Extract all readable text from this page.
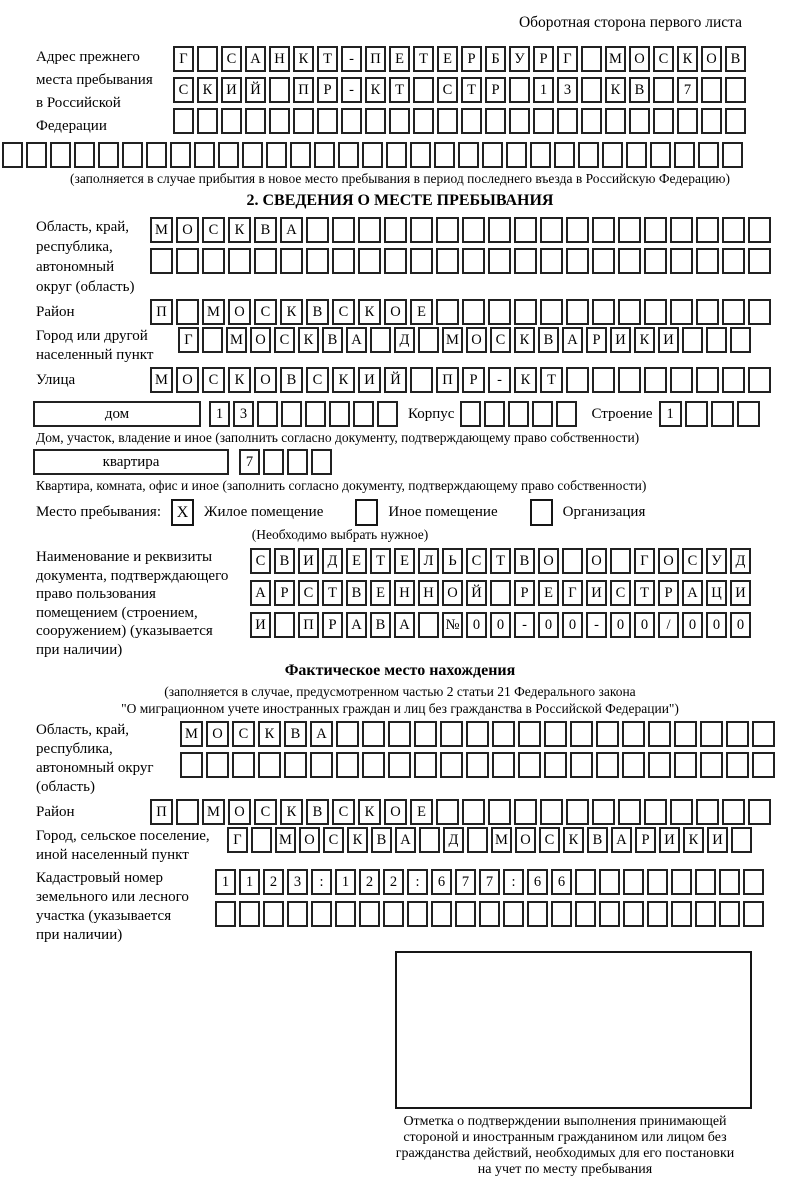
Оборотная сторона первого листа
Адрес прежнего
места пребывания
в Российской
Федерации
Г	С А Н К	Т	-	П Е	Т	Е	Р	Б	У	Р	Г	М О С К О В
С К И Й	П	Р	-	К	Т	С	Т	Р	1	3	К В	7
(заполняется в случае прибытия в новое место пребывания в период последнего въезда в Российскую Федерацию)
2. СВЕДЕНИЯ О МЕСТЕ ПРЕБЫВАНИЯ
Область, край,
республика,
автономный
округ (область)
М О	С	К	В	А
Район	П	М О	С	К	В	С	К	О	Е
Город или другой
населенный пункт
Г	М О С К В А	Д	М О С К В А	Р	И К И
Улица	М О	С	К	О	В	С	К	И	Й	П	Р	-	К	Т
дом	1	3	Корпус	Строение 1
Дом, участок, владение и иное (заполнить согласно документу, подтверждающему право собственности)
квартира	7
Квартира, комната, офис и иное (заполнить согласно документу, подтверждающему право собственности)
Место пребывания: X	Жилое помещение	Иное помещение	Организация
(Необходимо выбрать нужное)
Наименование и реквизиты
документа, подтверждающего
право пользования
помещением (строением,
сооружением) (указывается
при наличии)
С В И Д	Е	Т	Е	Л	Ь	С	Т	В О	О	Г	О С У Д
А	Р	С	Т	В	Е Н Н О Й	Р	Е	Г	И С	Т	Р	А Ц И
И	П	Р	А В А	№ 0	0	-	0	0	-	0	0	/	0	0	0
Фактическое место нахождения
(заполняется в случае, предусмотренном частью 2 статьи 21 Федерального закона
"О миграционном учете иностранных граждан и лиц без гражданства в Российской Федерации")
Область, край,
республика,
автономный округ
(область)
М О	С	К	В	А
Район	П	М О	С	К	В	С	К	О	Е
Город, сельское поселение,
иной населенный пункт
Г	М О С К В А	Д	М О С К В А	Р	И К И
Кадастровый номер
земельного или лесного
участка (указывается
при наличии)
1	1	2	3	:	1	2	2	:	6	7	7	:	6	6
Отметка о подтверждении выполнения принимающей
стороной и иностранным гражданином или лицом без
гражданства действий, необходимых для его постановки
на учет по месту пребывания
